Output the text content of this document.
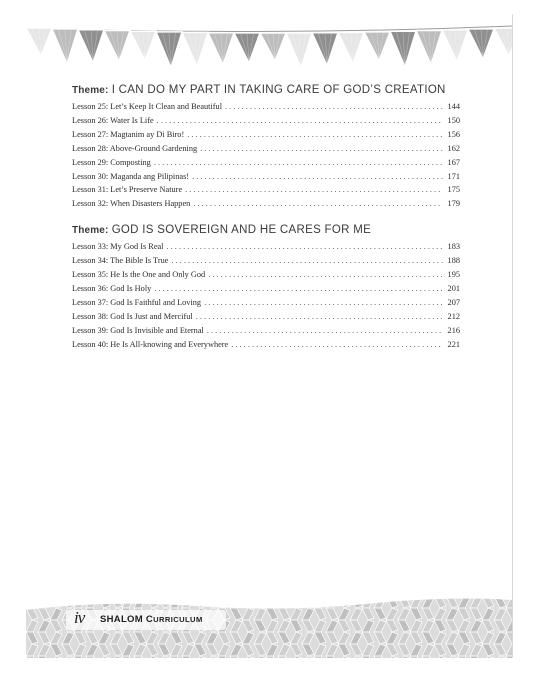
Theme: I CAN DO MY PART IN TAKING CARE OF GOD’S CREATION
Lesson 25: Let’s Keep It Clean and Beautiful . . .	144
Lesson 26: Water Is Life . . .	150
Lesson 27: Magtanim ay Di Biro! . . .	156
Lesson 28: Above-Ground Gardening . . .	162
Lesson 29: Composting . . .	167
Lesson 30: Maganda ang Pilipinas! . . .	171
Lesson 31: Let’s Preserve Nature . . .	175
Lesson 32: When Disasters Happen . . .	179
Theme: GOD IS SOVEREIGN AND HE CARES FOR ME
Lesson 33: My God Is Real . . .	183
Lesson 34: The Bible Is True . . .	188
Lesson 35: He Is the One and Only God . . .	195
Lesson 36: God Is Holy . . .	201
Lesson 37: God Is Faithful and Loving . . .	207
Lesson 38: God Is Just and Merciful . . .	212
Lesson 39: God Is Invisible and Eternal . . .	216
Lesson 40: He Is All-knowing and Everywhere . . .	221
iv SHALOM CURRICULUM
